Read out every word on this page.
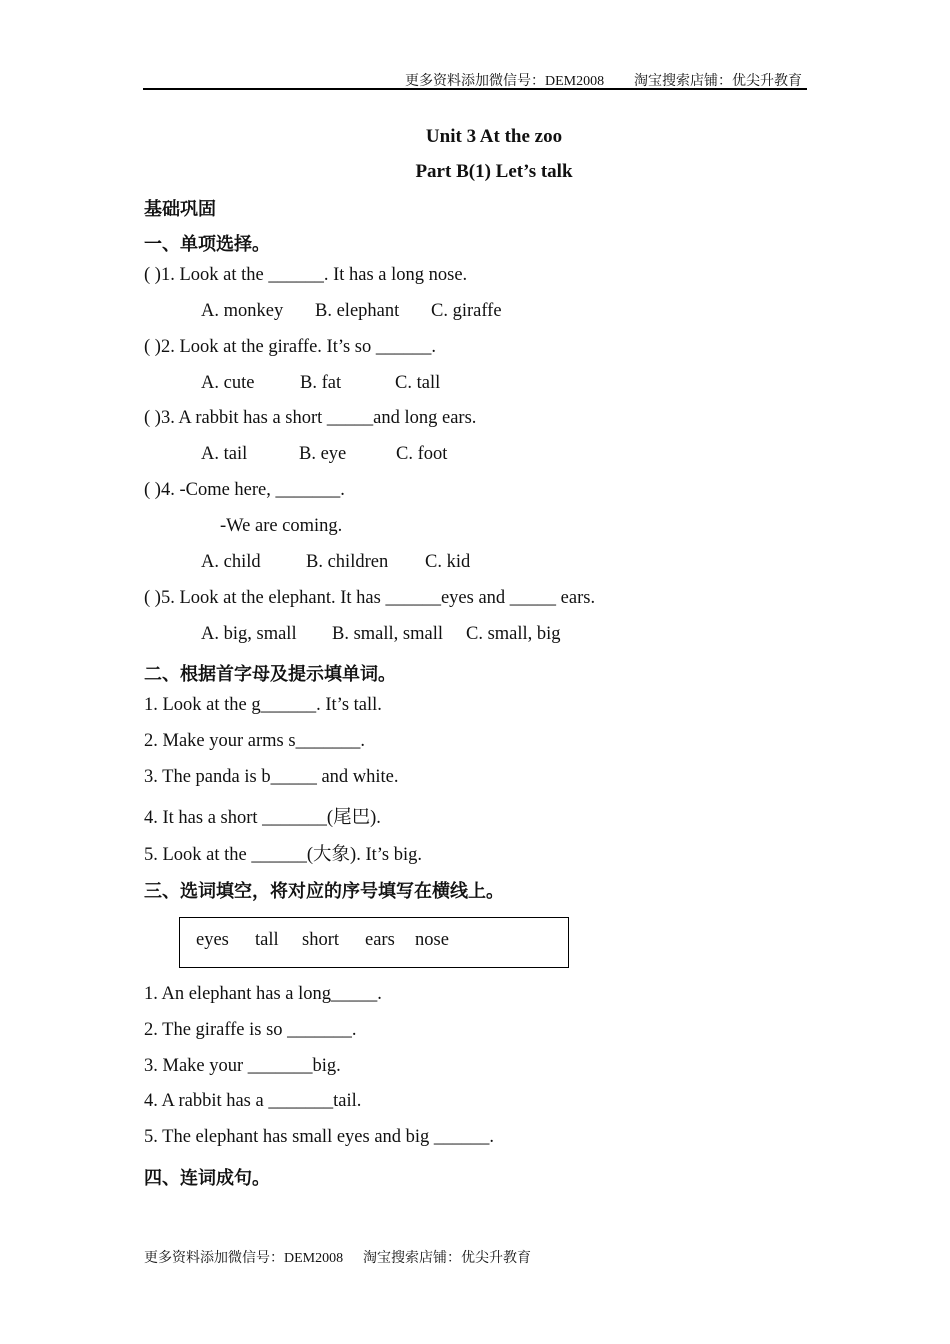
更多资料添加微信号：DEM2008 淘宝搜索店铺：优尖升教育
Unit 3 At the zoo
Part B(1) Let’s talk
基础巩固
一、单项选择。
( )1. Look at the ______. It has a long nose.
A. monkey B. elephant C. giraffe
( )2. Look at the giraffe. It’s so ______.
A. cute B. fat	C. tall
( )3. A rabbit has a short _____and long ears.
A. tail	B. eye	C. foot
( )4. -Come here, _______.
-We are coming.
A. child B. children C. kid
( )5. Look at the elephant. It has ______eyes and _____ ears.
A. big, small B. small, small C. small, big
二、根据首字母及提示填单词。
1. Look at the g______. It’s tall.
2. Make your arms s_______.
3. The panda is b_____ and white.
4. It has a short _______(尾巴).
5. Look at the ______(大象). It’s big.
三、选词填空，将对应的序号填写在横线上。
eyes tall short ears nose
1. An elephant has a long_____.
2. The giraffe is so _______.
3. Make your _______big.
4. A rabbit has a _______tail.
5. The elephant has small eyes and big ______.
四、连词成句。
更多资料添加微信号：DEM2008 淘宝搜索店铺：优尖升教育
